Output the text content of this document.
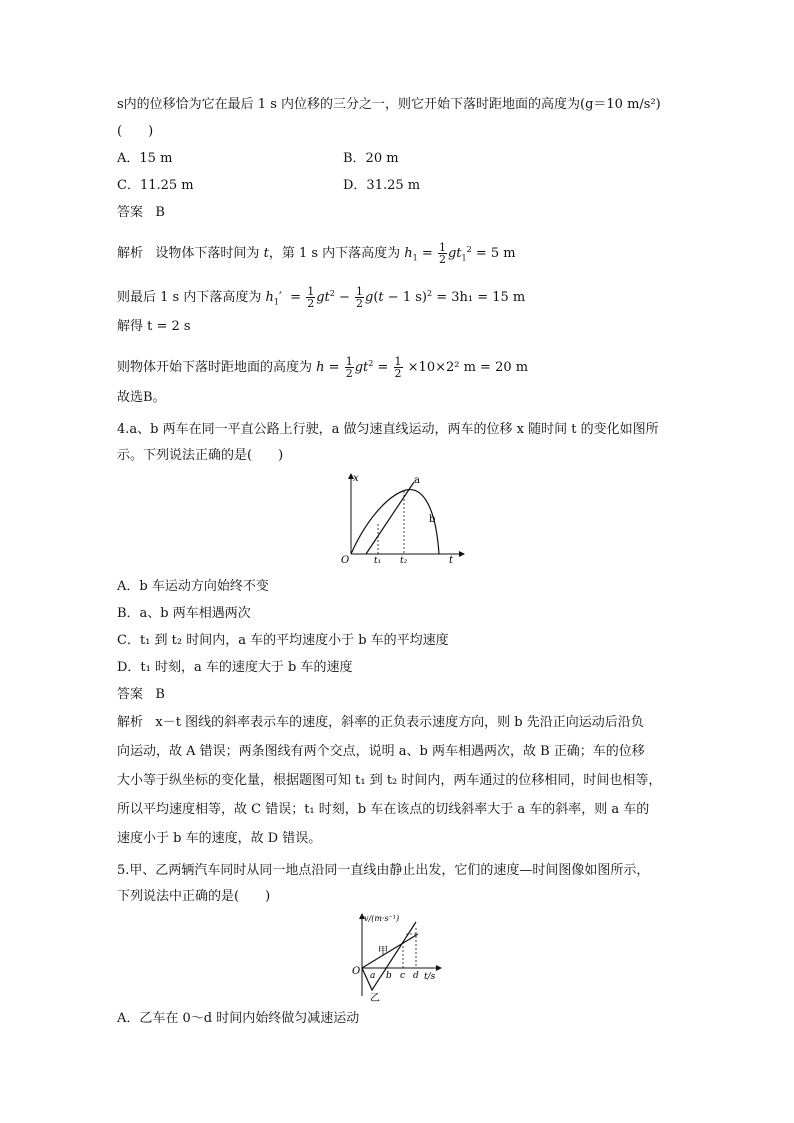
s内的位移恰为它在最后 1 s 内位移的三分之一，则它开始下落时距地面的高度为(g＝10 m/s²)
(　　)
A．15 m	B．20 m
C．11.25 m	D．31.25 m
答案 B
解析 设物体下落时间为 t，第 1 s 内下落高度为 $h_1 = \frac{1}{2} gt_1^2 = 5$ m
则最后 1 s 内下落高度为 $h_1' = \frac{1}{2} gt^2 - \frac{1}{2} g(t - 1$ s)$^2$ = 3h₁ = 15 m
解得 t = 2 s
则物体开始下落时距地面的高度为 $h = \frac{1}{2} gt^2 = \frac{1}{2} \times 10\times 2^2$ m = 20 m
故选B。
4.a、b 两车在同一平直公路上行驶，a 做匀速直线运动，两车的位移 x 随时间 t 的变化如图所
示。下列说法正确的是(　　)
x
O	t
t₁ t₂
a
b
A．b 车运动方向始终不变
B．a、b 两车相遇两次
C．t₁ 到 t₂ 时间内，a 车的平均速度小于 b 车的平均速度
D．t₁ 时刻，a 车的速度大于 b 车的速度
答案 B
解析 x－t 图线的斜率表示车的速度，斜率的正负表示速度方向，则 b 先沿正向运动后沿负
向运动，故 A 错误；两条图线有两个交点，说明 a、b 两车相遇两次，故 B 正确；车的位移
大小等于纵坐标的变化量，根据题图可知 t₁ 到 t₂ 时间内，两车通过的位移相同，时间也相等，
所以平均速度相等，故 C 错误；t₁ 时刻，b 车在该点的切线斜率大于 a 车的斜率，则 a 车的
速度小于 b 车的速度，故 D 错误。
5.甲、乙两辆汽车同时从同一地点沿同一直线由静止出发，它们的速度—时间图像如图所示，
下列说法中正确的是(　　)
v/(m·s⁻¹)
O	t/s
甲
乙
a b c d
A．乙车在 0～d 时间内始终做匀减速运动
